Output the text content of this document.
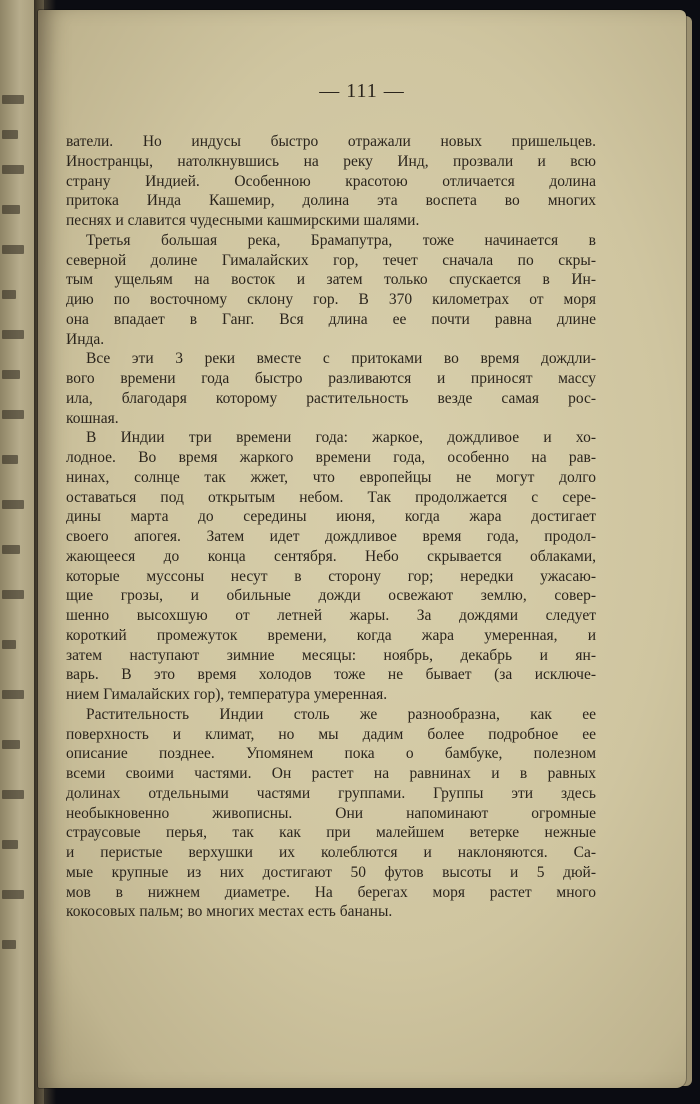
— 111 —
ватели. Но индусы быстро отражали новых пришельцев.
Иностранцы, натолкнувшись на реку Инд, прозвали и всю
страну Индией. Особенною красотою отличается долина
притока Инда Кашемир, долина эта воспета во многих
песнях и славится чудесными кашмирскими шалями.
Третья большая река, Брамапутра, тоже начинается в
северной долине Гималайских гор, течет сначала по скры-
тым ущельям на восток и затем только спускается в Ин-
дию по восточному склону гор. В 370 километрах от моря
она впадает в Ганг. Вся длина ее почти равна длине
Инда.
Все эти 3 реки вместе с притоками во время дождли-
вого времени года быстро разливаются и приносят массу
ила, благодаря которому растительность везде самая рос-
кошная.
В Индии три времени года: жаркое, дождливое и хо-
лодное. Во время жаркого времени года, особенно на рав-
нинах, солнце так жжет, что европейцы не могут долго
оставаться под открытым небом. Так продолжается с сере-
дины марта до середины июня, когда жара достигает
своего апогея. Затем идет дождливое время года, продол-
жающееся до конца сентября. Небо скрывается облаками,
которые муссоны несут в сторону гор; нередки ужасаю-
щие грозы, и обильные дожди освежают землю, совер-
шенно высохшую от летней жары. За дождями следует
короткий промежуток времени, когда жара умеренная, и
затем наступают зимние месяцы: ноябрь, декабрь и ян-
варь. В это время холодов тоже не бывает (за исключе-
нием Гималайских гор), температура умеренная.
Растительность Индии столь же разнообразна, как ее
поверхность и климат, но мы дадим более подробное ее
описание позднее. Упомянем пока о бамбуке, полезном
всеми своими частями. Он растет на равнинах и в равных
долинах отдельными частями группами. Группы эти здесь
необыкновенно живописны. Они напоминают огромные
страусовые перья, так как при малейшем ветерке нежные
и перистые верхушки их колеблются и наклоняются. Са-
мые крупные из них достигают 50 футов высоты и 5 дюй-
мов в нижнем диаметре. На берегах моря растет много
кокосовых пальм; во многих местах есть бананы.
